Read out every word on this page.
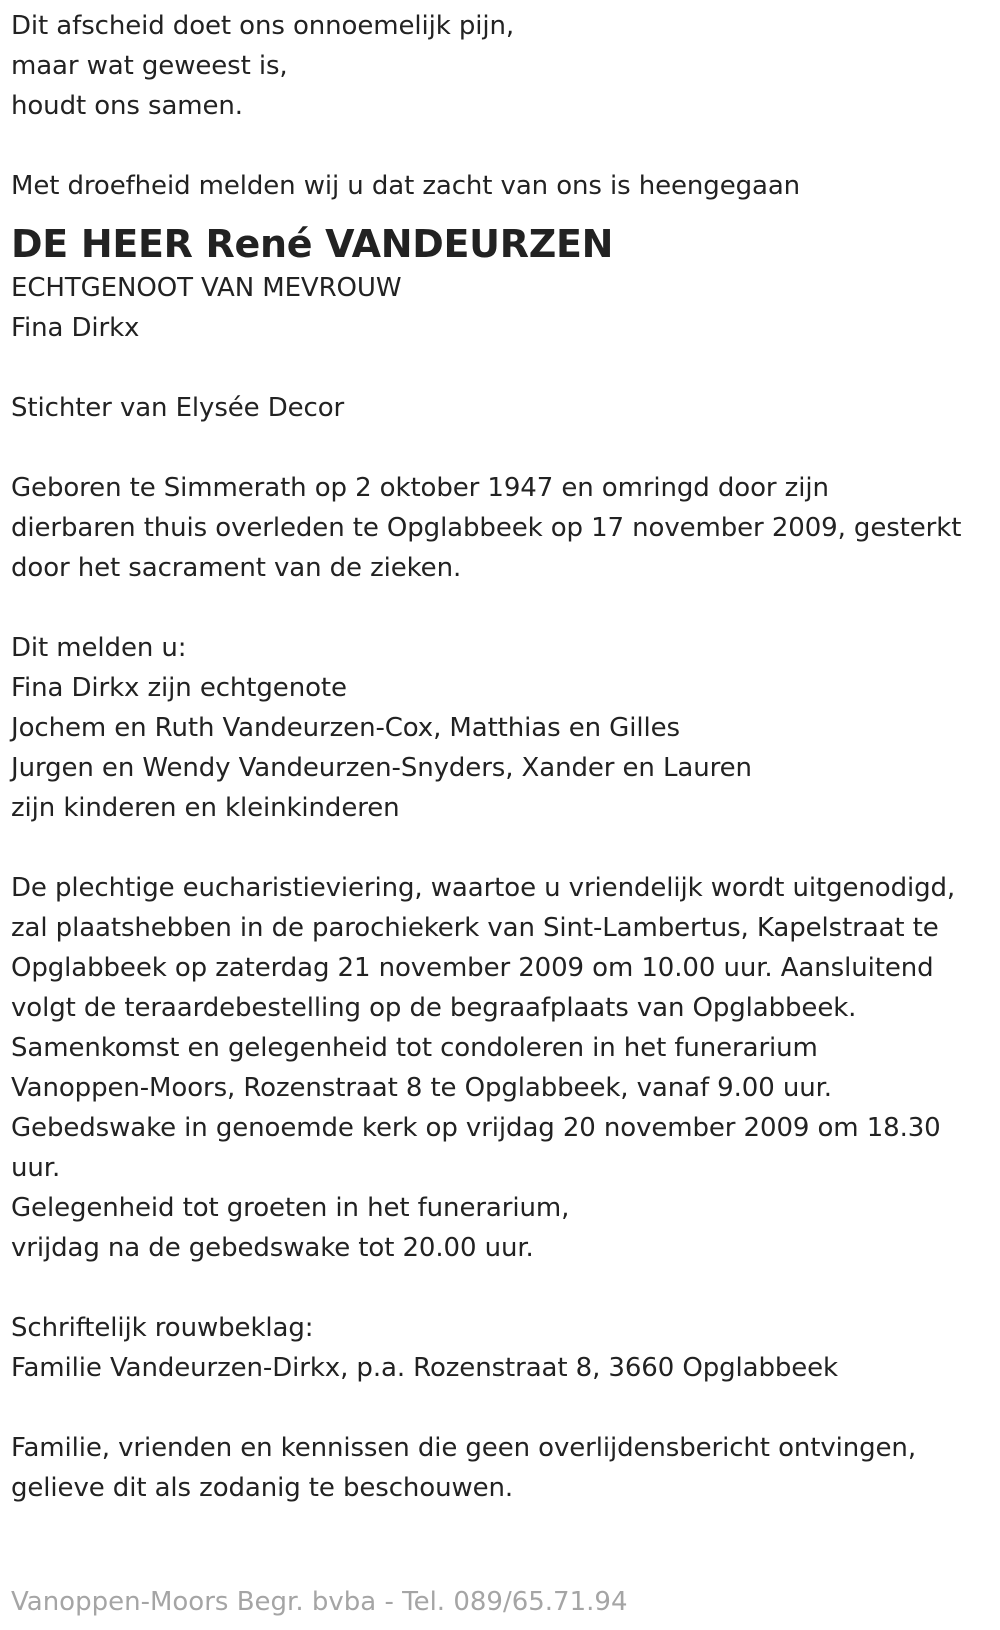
Dit afscheid doet ons onnoemelijk pijn,
maar wat geweest is,
houdt ons samen.
Met droefheid melden wij u dat zacht van ons is heengegaan
DE HEER René VANDEURZEN
ECHTGENOOT VAN MEVROUW
Fina Dirkx
Stichter van Elysée Decor
Geboren te Simmerath op 2 oktober 1947 en omringd door zijn
dierbaren thuis overleden te Opglabbeek op 17 november 2009, gesterkt
door het sacrament van de zieken.
Dit melden u:
Fina Dirkx zijn echtgenote
Jochem en Ruth Vandeurzen-Cox, Matthias en Gilles
Jurgen en Wendy Vandeurzen-Snyders, Xander en Lauren
zijn kinderen en kleinkinderen
De plechtige eucharistieviering, waartoe u vriendelijk wordt uitgenodigd,
zal plaatshebben in de parochiekerk van Sint-Lambertus, Kapelstraat te
Opglabbeek op zaterdag 21 november 2009 om 10.00 uur. Aansluitend
volgt de teraardebestelling op de begraafplaats van Opglabbeek.
Samenkomst en gelegenheid tot condoleren in het funerarium
Vanoppen-Moors, Rozenstraat 8 te Opglabbeek, vanaf 9.00 uur.
Gebedswake in genoemde kerk op vrijdag 20 november 2009 om 18.30
uur.
Gelegenheid tot groeten in het funerarium,
vrijdag na de gebedswake tot 20.00 uur.
Schriftelijk rouwbeklag:
Familie Vandeurzen-Dirkx, p.a. Rozenstraat 8, 3660 Opglabbeek
Familie, vrienden en kennissen die geen overlijdensbericht ontvingen,
gelieve dit als zodanig te beschouwen.
Vanoppen-Moors Begr. bvba - Tel. 089/65.71.94
